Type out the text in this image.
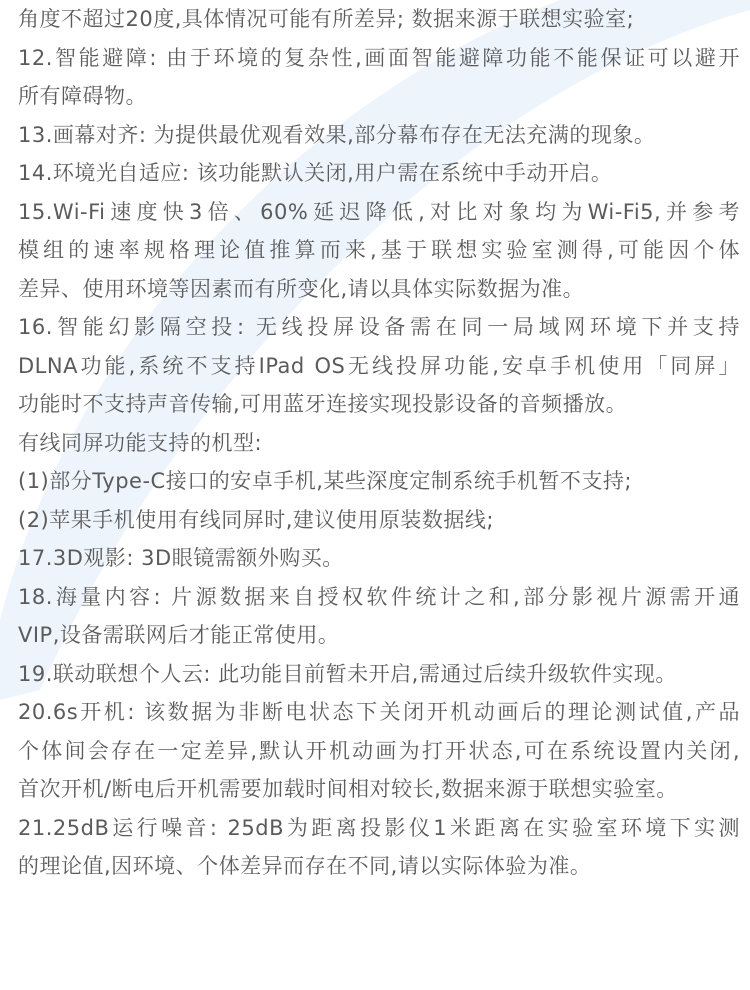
角度不超过20度,具体情况可能有所差异; 数据来源于联想实验室;
12.智能避障: 由于环境的复杂性,画面智能避障功能不能保证可以避开
所有障碍物。
13.画幕对齐: 为提供最优观看效果,部分幕布存在无法充满的现象。
14.环境光自适应: 该功能默认关闭,用户需在系统中手动开启。
15.Wi-Fi速度快3倍、60%延迟降低,对比对象均为Wi-Fi5,并参考
模组的速率规格理论值推算而来,基于联想实验室测得,可能因个体
差异、使用环境等因素而有所变化,请以具体实际数据为准。
16.智能幻影隔空投: 无线投屏设备需在同一局域网环境下并支持
DLNA功能,系统不支持IPad OS无线投屏功能,安卓手机使用「同屏」
功能时不支持声音传输,可用蓝牙连接实现投影设备的音频播放。
有线同屏功能支持的机型:
(1)部分Type-C接口的安卓手机,某些深度定制系统手机暂不支持;
(2)苹果手机使用有线同屏时,建议使用原装数据线;
17.3D观影: 3D眼镜需额外购买。
18.海量内容: 片源数据来自授权软件统计之和,部分影视片源需开通
VIP,设备需联网后才能正常使用。
19.联动联想个人云: 此功能目前暂未开启,需通过后续升级软件实现。
20.6s开机: 该数据为非断电状态下关闭开机动画后的理论测试值,产品
个体间会存在一定差异,默认开机动画为打开状态,可在系统设置内关闭,
首次开机/断电后开机需要加载时间相对较长,数据来源于联想实验室。
21.25dB运行噪音: 25dB为距离投影仪1米距离在实验室环境下实测
的理论值,因环境、个体差异而存在不同,请以实际体验为准。
